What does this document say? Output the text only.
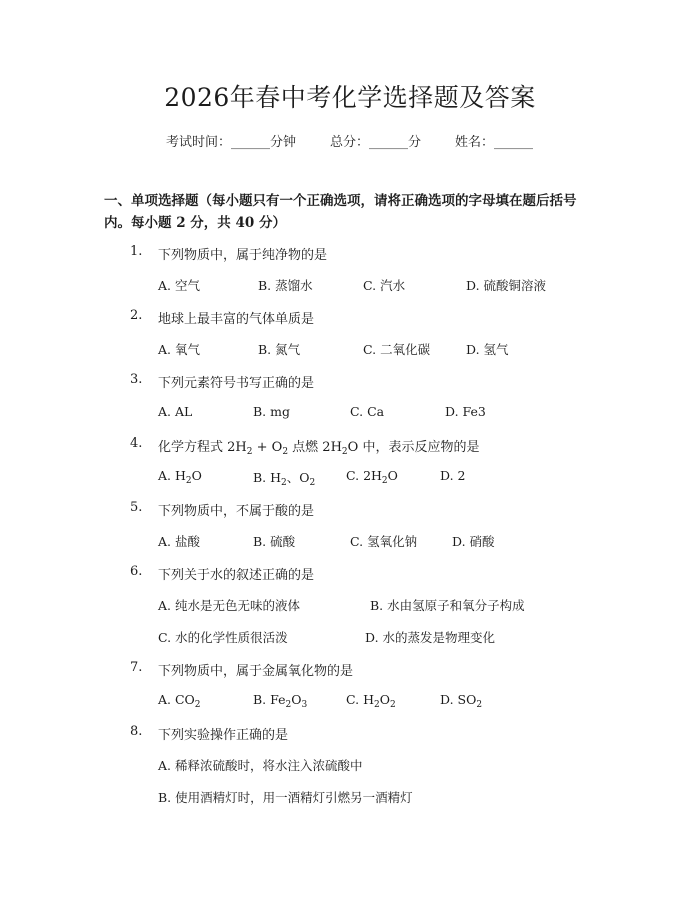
2026年春中考化学选择题及答案
考试时间：______分钟	总分：______分	姓名：______
一、单项选择题（每小题只有一个正确选项，请将正确选项的字母填在题后括号
内。每小题 2 分，共 40 分）
1. 下列物质中，属于纯净物的是
A. 空气	B. 蒸馏水	C. 汽水	D. 硫酸铜溶液
2. 地球上最丰富的气体单质是
A. 氧气	B. 氮气	C. 二氧化碳	D. 氢气
3. 下列元素符号书写正确的是
A. AL	B. mg	C. Ca	D. Fe3
4. 化学方程式 $2H_2 + O_2$ 点燃 $2H_2O$ 中，表示反应物的是
A. $H_2O$	B. $H_2$、$O_2$ C. $2H_2O$	D. 2
5. 下列物质中，不属于酸的是
A. 盐酸	B. 硫酸	C. 氢氧化钠	D. 硝酸
6. 下列关于水的叙述正确的是
A. 纯水是无色无味的液体	B. 水由氢原子和氧分子构成
C. 水的化学性质很活泼	D. 水的蒸发是物理变化
7. 下列物质中，属于金属氧化物的是
A. $CO_2$	B. $Fe_2O_3$	C. $H_2O_2$	D. $SO_2$
8. 下列实验操作正确的是
A. 稀释浓硫酸时，将水注入浓硫酸中
B. 使用酒精灯时，用一酒精灯引燃另一酒精灯
